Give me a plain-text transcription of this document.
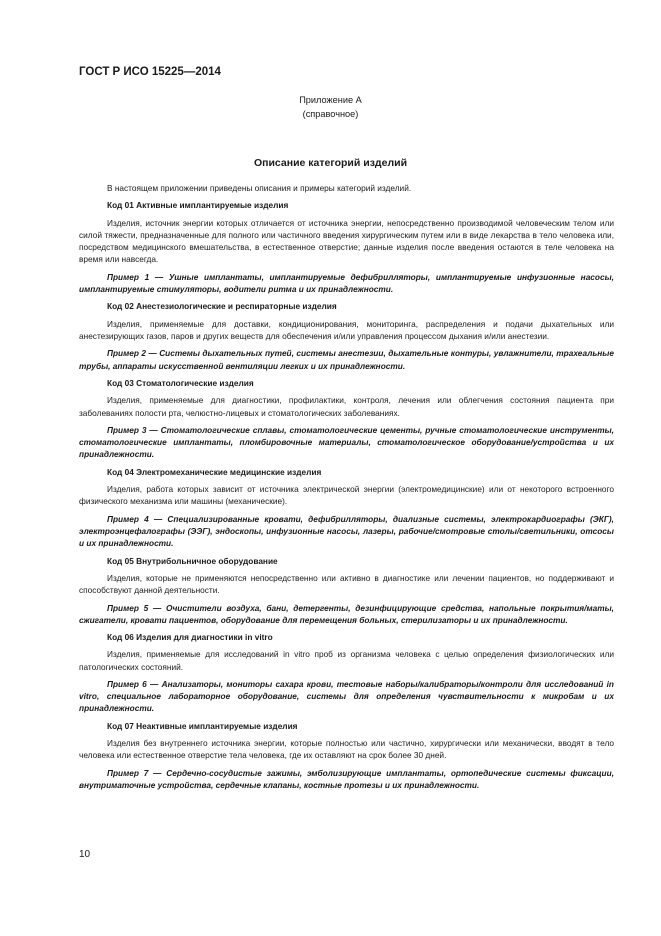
ГОСТ Р ИСО 15225—2014
Приложение А
(справочное)
Описание категорий изделий

В настоящем приложении приведены описания и примеры категорий изделий.

Код 01 Активные имплантируемые изделия

Изделия, источник энергии которых отличается от источника энергии, непосредственно производимой человеческим телом или силой тяжести, предназначенные для полного или частичного введения хирургическим путем или в виде лекарства в тело человека или, посредством медицинского вмешательства, в естественное отверстие; данные изделия после введения остаются в теле человека на время или навсегда.

Пример 1 — Ушные имплантаты, имплантируемые дефибрилляторы, имплантируемые инфузионные насосы, имплантируемые стимуляторы, водители ритма и их принадлежности.

Код 02 Анестезиологические и респираторные изделия

Изделия, применяемые для доставки, кондиционирования, мониторинга, распределения и подачи дыхательных или анестезирующих газов, паров и других веществ для обеспечения и/или управления процессом дыхания и/или анестезии.

Пример 2 — Системы дыхательных путей, системы анестезии, дыхательные контуры, увлажнители, трахеальные трубы, аппараты искусственной вентиляции легких и их принадлежности.

Код 03 Стоматологические изделия

Изделия, применяемые для диагностики, профилактики, контроля, лечения или облегчения состояния пациента при заболеваниях полости рта, челюстно-лицевых и стоматологических заболеваниях.

Пример 3 — Стоматологические сплавы, стоматологические цементы, ручные стоматологические инструменты, стоматологические имплантаты, пломбировочные материалы, стоматологическое оборудование/устройства и их принадлежности.

Код 04 Электромеханические медицинские изделия

Изделия, работа которых зависит от источника электрической энергии (электромедицинские) или от некоторого встроенного физического механизма или машины (механические).

Пример 4 — Специализированные кровати, дефибрилляторы, диализные системы, электрокардиографы (ЭКГ), электроэнцефалографы (ЭЭГ), эндоскопы, инфузионные насосы, лазеры, рабочие/смотровые столы/светильники, отсосы и их принадлежности.

Код 05 Внутрибольничное оборудование

Изделия, которые не применяются непосредственно или активно в диагностике или лечении пациентов, но поддерживают и способствуют данной деятельности.

Пример 5 — Очистители воздуха, бани, детергенты, дезинфицирующие средства, напольные покрытия/маты, сжигатели, кровати пациентов, оборудование для перемещения больных, стерилизаторы и их принадлежности.

Код 06 Изделия для диагностики in vitro

Изделия, применяемые для исследований in vitro проб из организма человека с целью определения физиологических или патологических состояний.

Пример 6 — Анализаторы, мониторы сахара крови, тестовые наборы/калибраторы/контроли для исследований in vitro, специальное лабораторное оборудование, системы для определения чувствительности к микробам и их принадлежности.

Код 07 Неактивные имплантируемые изделия

Изделия без внутреннего источника энергии, которые полностью или частично, хирургически или механически, вводят в тело человека или естественное отверстие тела человека, где их оставляют на срок более 30 дней.

Пример 7 — Сердечно-сосудистые зажимы, эмболизирующие имплантаты, ортопедические системы фиксации, внутриматочные устройства, сердечные клапаны, костные протезы и их принадлежности.

10
